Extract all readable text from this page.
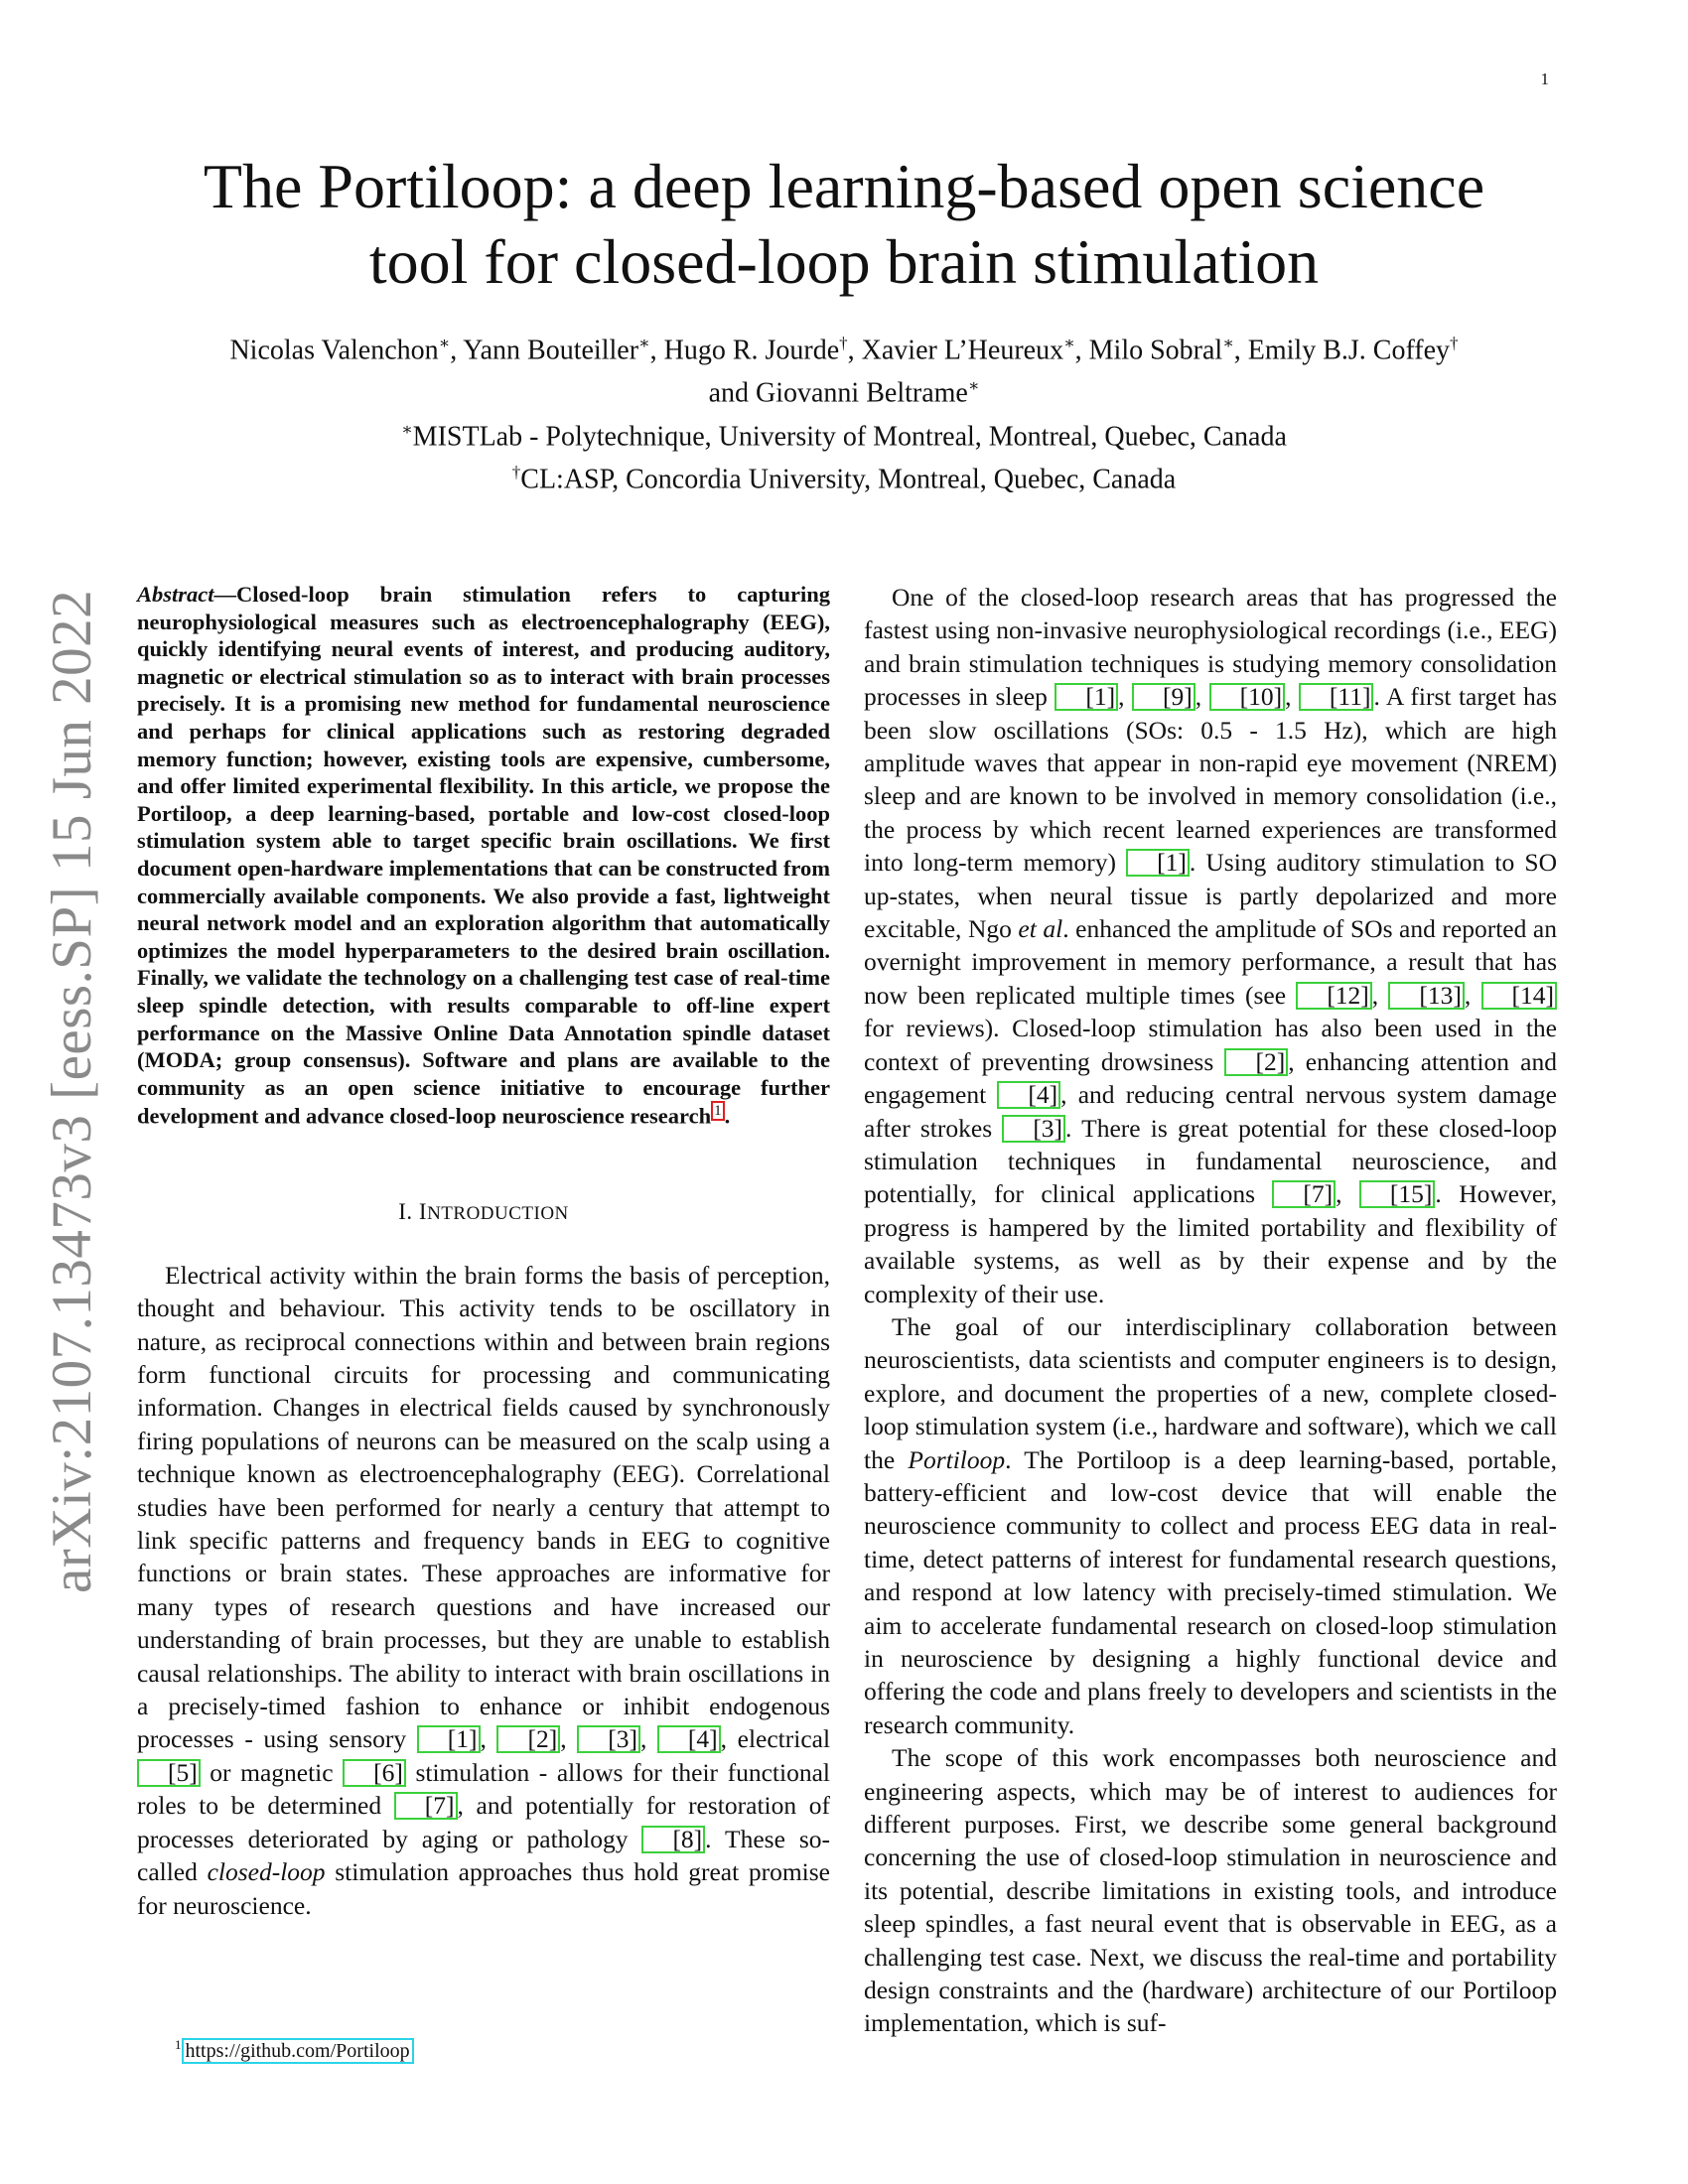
1
arXiv:2107.13473v3 [eess.SP] 15 Jun 2022
The Portiloop: a deep learning-based open science
tool for closed-loop brain stimulation
Nicolas Valenchon∗, Yann Bouteiller∗, Hugo R. Jourde†, Xavier L’Heureux∗, Milo Sobral∗, Emily B.J. Coffey†
and Giovanni Beltrame∗
∗MISTLab - Polytechnique, University of Montreal, Montreal, Quebec, Canada
†CL:ASP, Concordia University, Montreal, Quebec, Canada

Abstract—Closed-loop brain stimulation refers to capturing neurophysiological measures such as electroencephalography (EEG), quickly identifying neural events of interest, and producing auditory, magnetic or electrical stimulation so as to interact with brain processes precisely. It is a promising new method for fundamental neuroscience and perhaps for clinical applications such as restoring degraded memory function; however, existing tools are expensive, cumbersome, and offer limited experimental flexibility. In this article, we propose the Portiloop, a deep learning-based, portable and low-cost closed-loop stimulation system able to target specific brain oscillations. We first document open-hardware implementations that can be constructed from commercially available components. We also provide a fast, lightweight neural network model and an exploration algorithm that automatically optimizes the model hyperparameters to the desired brain oscillation. Finally, we validate the technology on a challenging test case of real-time sleep spindle detection, with results comparable to off-line expert performance on the Massive Online Data Annotation spindle dataset (MODA; group consensus). Software and plans are available to the community as an open science initiative to encourage further development and advance closed-loop neuroscience research 1 .

I. INTRODUCTION

Electrical activity within the brain forms the basis of perception, thought and behaviour. This activity tends to be oscillatory in nature, as reciprocal connections within and between brain regions form functional circuits for processing and communicating information. Changes in electrical fields caused by synchronously firing populations of neurons can be measured on the scalp using a technique known as electroencephalography (EEG). Correlational studies have been performed for nearly a century that attempt to link specific patterns and frequency bands in EEG to cognitive functions or brain states. These approaches are informative for many types of research questions and have increased our understanding of brain processes, but they are unable to establish causal relationships. The ability to interact with brain oscillations in a precisely-timed fashion to enhance or inhibit endogenous processes - using sensory [1] , [2] , [3] , [4] , electrical [5] or magnetic [6] stimulation - allows for their functional roles to be determined [7] , and potentially for restoration of processes deteriorated by aging or pathology [8] . These so-called closed-loop stimulation approaches thus hold great promise for neuroscience.

$^1$ https://github.com/Portiloop

One of the closed-loop research areas that has progressed the fastest using non-invasive neurophysiological recordings (i.e., EEG) and brain stimulation techniques is studying memory consolidation processes in sleep [1] , [9] , [10] , [11] . A first target has been slow oscillations (SOs: 0.5 - 1.5 Hz), which are high amplitude waves that appear in non-rapid eye movement (NREM) sleep and are known to be involved in memory consolidation (i.e., the process by which recent learned experiences are transformed into long-term memory) [1] . Using auditory stimulation to SO up-states, when neural tissue is partly depolarized and more excitable, Ngo et al. enhanced the amplitude of SOs and reported an overnight improvement in memory performance, a result that has now been replicated multiple times (see [12] , [13] , [14] for reviews). Closed-loop stimulation has also been used in the context of preventing drowsiness [2] , enhancing attention and engagement [4] , and reducing central nervous system damage after strokes [3] . There is great potential for these closed-loop stimulation techniques in fundamental neuroscience, and potentially, for clinical applications [7] , [15] . However, progress is hampered by the limited portability and flexibility of available systems, as well as by their expense and by the complexity of their use.

The goal of our interdisciplinary collaboration between neuroscientists, data scientists and computer engineers is to design, explore, and document the properties of a new, complete closed-loop stimulation system (i.e., hardware and software), which we call the Portiloop. The Portiloop is a deep learning-based, portable, battery-efficient and low-cost device that will enable the neuroscience community to collect and process EEG data in real-time, detect patterns of interest for fundamental research questions, and respond at low latency with precisely-timed stimulation. We aim to accelerate fundamental research on closed-loop stimulation in neuroscience by designing a highly functional device and offering the code and plans freely to developers and scientists in the research community.

The scope of this work encompasses both neuroscience and engineering aspects, which may be of interest to audiences for different purposes. First, we describe some general background concerning the use of closed-loop stimulation in neuroscience and its potential, describe limitations in existing tools, and introduce sleep spindles, a fast neural event that is observable in EEG, as a challenging test case. Next, we discuss the real-time and portability design constraints and the (hardware) architecture of our Portiloop implementation, which is suf-
